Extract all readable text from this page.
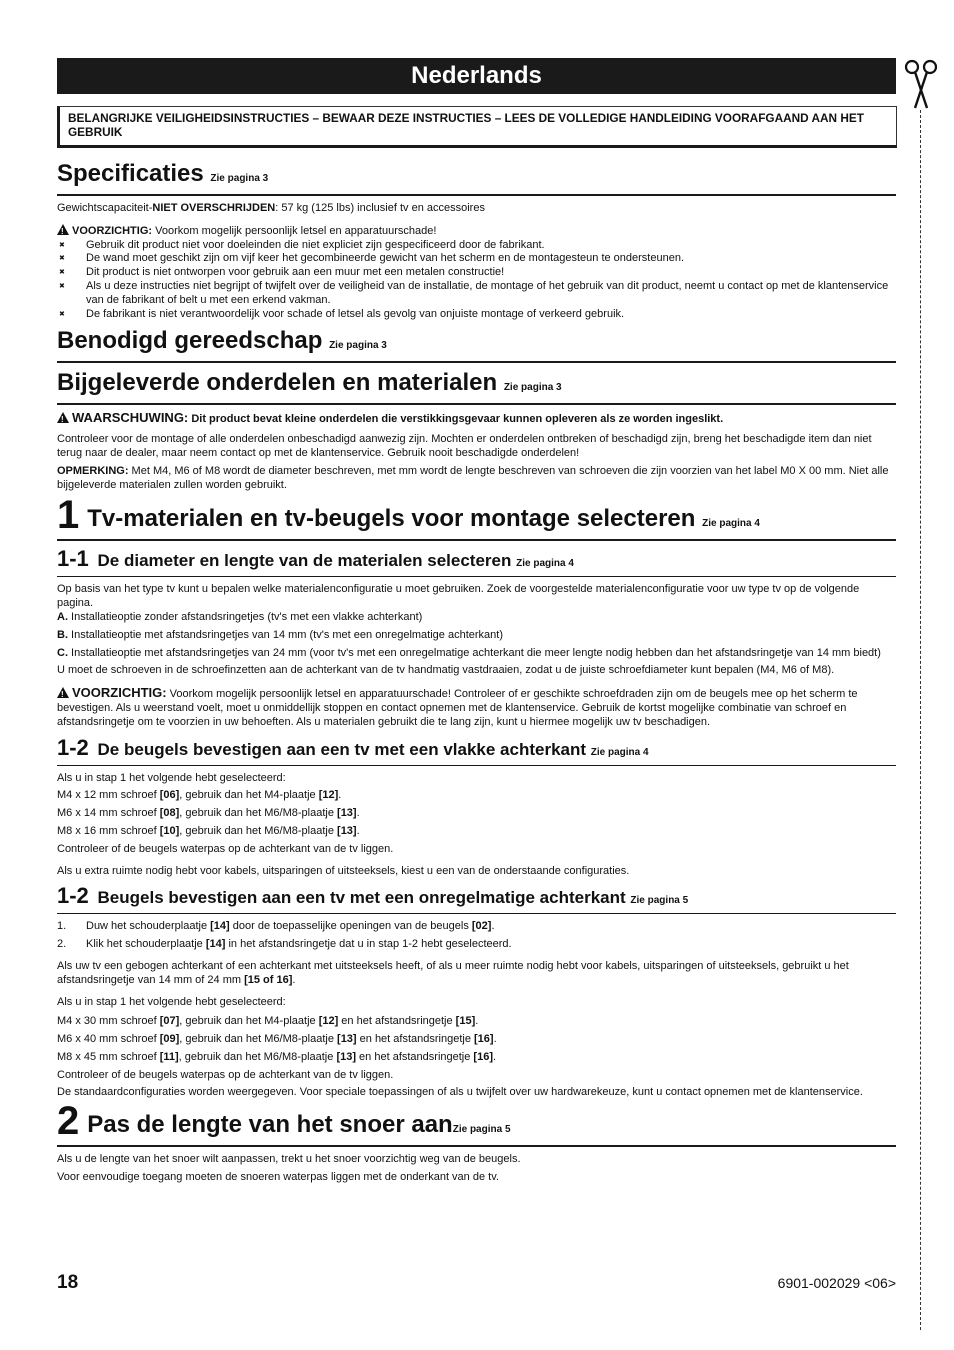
Nederlands
BELANGRIJKE VEILIGHEIDSINSTRUCTIES – BEWAAR DEZE INSTRUCTIES – LEES DE VOLLEDIGE HANDLEIDING VOORAFGAAND AAN HET GEBRUIK
Specificaties Zie pagina 3

Gewichtscapaciteit-NIET OVERSCHRIJDEN: 57 kg (125 lbs) inclusief tv en accessoires

!VOORZICHTIG: Voorkom mogelijk persoonlijk letsel en apparatuurschade!

✖ Gebruik dit product niet voor doeleinden die niet expliciet zijn gespecificeerd door de fabrikant.
✖ De wand moet geschikt zijn om vijf keer het gecombineerde gewicht van het scherm en de montagesteun te ondersteunen.
✖ Dit product is niet ontworpen voor gebruik aan een muur met een metalen constructie!
✖ Als u deze instructies niet begrijpt of twijfelt over de veiligheid van de installatie, de montage of het gebruik van dit product, neemt u contact op met de klantenservice van de fabrikant of belt u met een erkend vakman.
✖ De fabrikant is niet verantwoordelijk voor schade of letsel als gevolg van onjuiste montage of verkeerd gebruik.
Benodigd gereedschap Zie pagina 3
Bijgeleverde onderdelen en materialen Zie pagina 3

!WAARSCHUWING: Dit product bevat kleine onderdelen die verstikkingsgevaar kunnen opleveren als ze worden ingeslikt.

Controleer voor de montage of alle onderdelen onbeschadigd aanwezig zijn. Mochten er onderdelen ontbreken of beschadigd zijn, breng het beschadigde item dan niet terug naar de dealer, maar neem contact op met de klantenservice. Gebruik nooit beschadigde onderdelen!

OPMERKING: Met M4, M6 of M8 wordt de diameter beschreven, met mm wordt de lengte beschreven van schroeven die zijn voorzien van het label M0 X 00 mm. Niet alle bijgeleverde materialen zullen worden gebruikt.

1 Tv-materialen en tv-beugels voor montage selecteren Zie pagina 4
1-1 De diameter en lengte van de materialen selecteren Zie pagina 4

Op basis van het type tv kunt u bepalen welke materialenconfiguratie u moet gebruiken. Zoek de voorgestelde materialenconfiguratie voor uw type tv op de volgende pagina.

A. Installatieoptie zonder afstandsringetjes (tv's met een vlakke achterkant)

B. Installatieoptie met afstandsringetjes van 14 mm (tv's met een onregelmatige achterkant)

C. Installatieoptie met afstandsringetjes van 24 mm (voor tv's met een onregelmatige achterkant die meer lengte nodig hebben dan het afstandsringetje van 14 mm biedt)

U moet de schroeven in de schroefinzetten aan de achterkant van de tv handmatig vastdraaien, zodat u de juiste schroefdiameter kunt bepalen (M4, M6 of M8).

!VOORZICHTIG: Voorkom mogelijk persoonlijk letsel en apparatuurschade! Controleer of er geschikte schroefdraden zijn om de beugels mee op het scherm te bevestigen. Als u weerstand voelt, moet u onmiddellijk stoppen en contact opnemen met de klantenservice. Gebruik de kortst mogelijke combinatie van schroef en afstandsringetje om te voorzien in uw behoeften. Als u materialen gebruikt die te lang zijn, kunt u hiermee mogelijk uw tv beschadigen.

1-2 De beugels bevestigen aan een tv met een vlakke achterkant Zie pagina 4

Als u in stap 1 het volgende hebt geselecteerd:

M4 x 12 mm schroef [06], gebruik dan het M4-plaatje [12].

M6 x 14 mm schroef [08], gebruik dan het M6/M8-plaatje [13].

M8 x 16 mm schroef [10], gebruik dan het M6/M8-plaatje [13].

Controleer of de beugels waterpas op de achterkant van de tv liggen.

Als u extra ruimte nodig hebt voor kabels, uitsparingen of uitsteeksels, kiest u een van de onderstaande configuraties.

1-2 Beugels bevestigen aan een tv met een onregelmatige achterkant Zie pagina 5

1. Duw het schouderplaatje [14] door de toepasselijke openingen van de beugels [02].

2. Klik het schouderplaatje [14] in het afstandsringetje dat u in stap 1-2 hebt geselecteerd.

Als uw tv een gebogen achterkant of een achterkant met uitsteeksels heeft, of als u meer ruimte nodig hebt voor kabels, uitsparingen of uitsteeksels, gebruikt u het afstandsringetje van 14 mm of 24 mm [15 of 16].

Als u in stap 1 het volgende hebt geselecteerd:

M4 x 30 mm schroef [07], gebruik dan het M4-plaatje [12] en het afstandsringetje [15].

M6 x 40 mm schroef [09], gebruik dan het M6/M8-plaatje [13] en het afstandsringetje [16].

M8 x 45 mm schroef [11], gebruik dan het M6/M8-plaatje [13] en het afstandsringetje [16].

Controleer of de beugels waterpas op de achterkant van de tv liggen.

De standaardconfiguraties worden weergegeven. Voor speciale toepassingen of als u twijfelt over uw hardwarekeuze, kunt u contact opnemen met de klantenservice.

2 Pas de lengte van het snoer aanZie pagina 5

Als u de lengte van het snoer wilt aanpassen, trekt u het snoer voorzichtig weg van de beugels.

Voor eenvoudige toegang moeten de snoeren waterpas liggen met de onderkant van de tv.

18	6901-002029 <06>
